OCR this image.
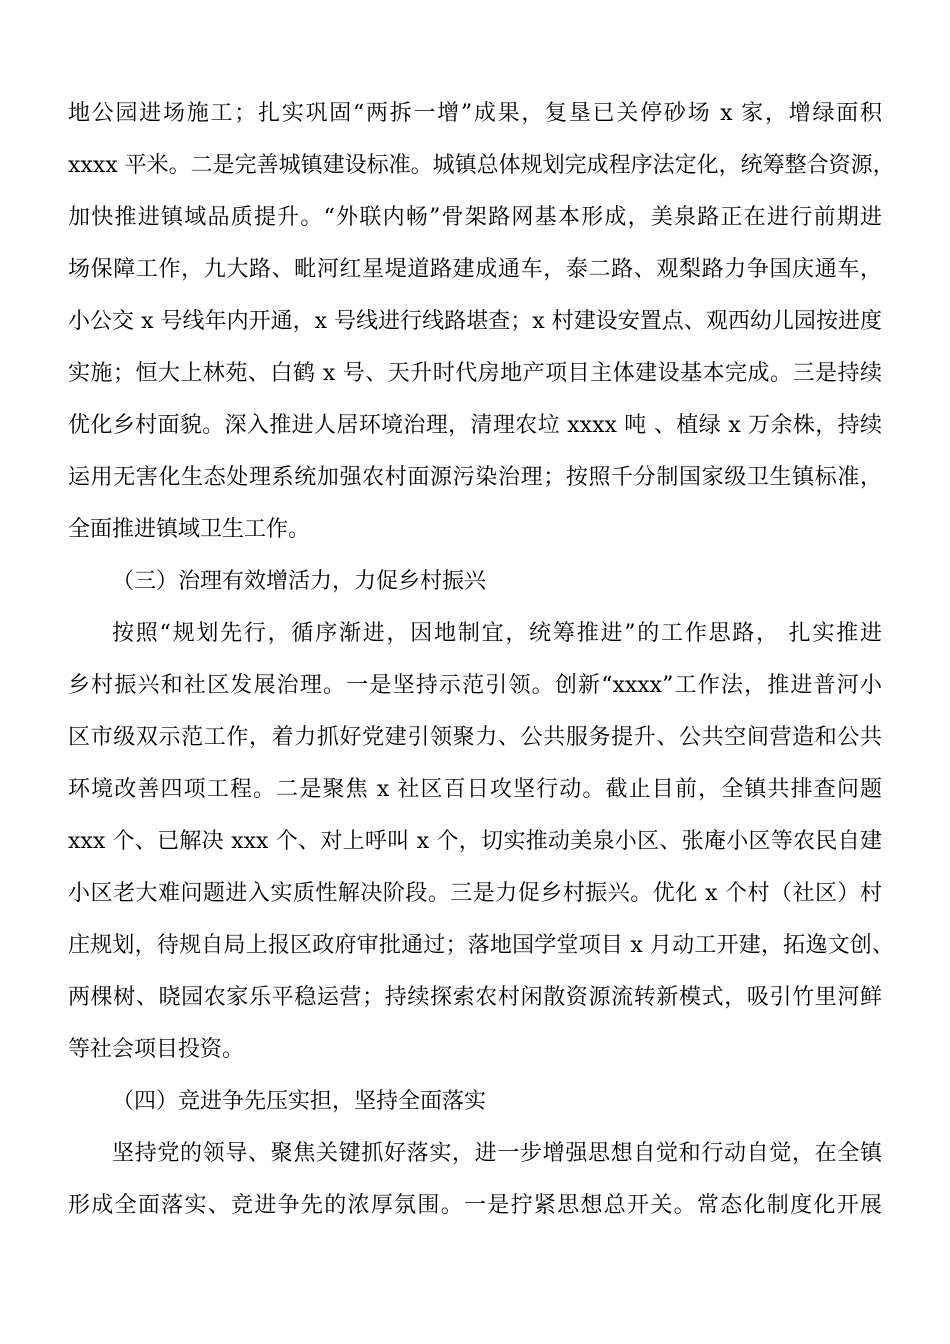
地公园进场施工；扎实巩固“两拆一增”成果，复垦已关停砂场 x 家，增绿面积
xxxx 平米。二是完善城镇建设标准。城镇总体规划完成程序法定化，统筹整合资源，
加快推进镇域品质提升。“外联内畅”骨架路网基本形成，美泉路正在进行前期进
场保障工作，九大路、毗河红星堤道路建成通车，泰二路、观梨路力争国庆通车，
小公交 x 号线年内开通，x 号线进行线路堪查；x 村建设安置点、观西幼儿园按进度
实施；恒大上林苑、白鹤 x 号、天升时代房地产项目主体建设基本完成。三是持续
优化乡村面貌。深入推进人居环境治理，清理农垃 xxxx 吨 、植绿 x 万余株，持续
运用无害化生态处理系统加强农村面源污染治理；按照千分制国家级卫生镇标准，
全面推进镇域卫生工作。
（三）治理有效增活力，力促乡村振兴
按照“规划先行，循序渐进，因地制宜，统筹推进”的工作思路， 扎实推进
乡村振兴和社区发展治理。一是坚持示范引领。创新“xxxx”工作法，推进普河小
区市级双示范工作，着力抓好党建引领聚力、公共服务提升、公共空间营造和公共
环境改善四项工程。二是聚焦 x 社区百日攻坚行动。截止目前，全镇共排查问题
xxx 个、已解决 xxx 个、对上呼叫 x 个，切实推动美泉小区、张庵小区等农民自建
小区老大难问题进入实质性解决阶段。三是力促乡村振兴。优化 x 个村（社区）村
庄规划，待规自局上报区政府审批通过；落地国学堂项目 x 月动工开建，拓逸文创、
两棵树、晓园农家乐平稳运营；持续探索农村闲散资源流转新模式，吸引竹里河鲜
等社会项目投资。
（四）竞进争先压实担，坚持全面落实
坚持党的领导、聚焦关键抓好落实，进一步增强思想自觉和行动自觉，在全镇
形成全面落实、竞进争先的浓厚氛围。一是拧紧思想总开关。常态化制度化开展
